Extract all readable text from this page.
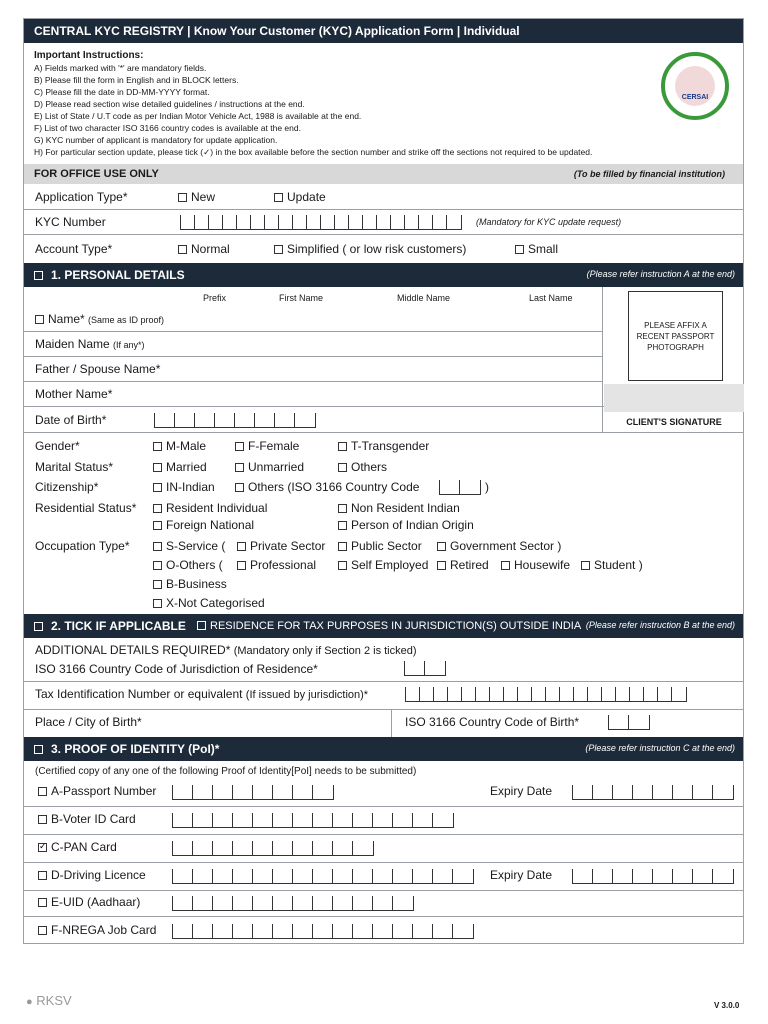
CENTRAL KYC REGISTRY | Know Your Customer (KYC) Application Form | Individual
Important Instructions:
A) Fields marked with '*' are mandatory fields.
B) Please fill the form in English and in BLOCK letters.
C) Please fill the date in DD-MM-YYYY format.
D) Please read section wise detailed guidelines / instructions at the end.
E) List of State / U.T code as per Indian Motor Vehicle Act, 1988 is available at the end.
F) List of two character ISO 3166 country codes is available at the end.
G) KYC number of applicant is mandatory for update application.
H) For particular section update, please tick (✓) in the box available before the section number and strike off the sections not required to be updated.
CERSAI
FOR OFFICE USE ONLY	(To be filled by financial institution)
Application Type*	New	Update
KYC Number	(Mandatory for KYC update request)
Account Type*	Normal	Simplified ( or low risk customers)	Small
1. PERSONAL DETAILS	(Please refer instruction A at the end)
Prefix	First Name	Middle Name	Last Name
Name* (Same as ID proof)
Maiden Name (If any*)
Father / Spouse Name*
Mother Name*
Date of Birth*
PLEASE AFFIX A RECENT PASSPORT PHOTOGRAPH
CLIENT'S SIGNATURE
Gender*	M-Male	F-Female	T-Transgender
Marital Status*	Married	Unmarried	Others
Citizenship*	IN-Indian	Others (ISO 3166 Country Code	)
Residential Status*	Resident Individual	Non Resident Indian
Foreign National	Person of Indian Origin
Occupation Type*	S-Service (	Private Sector	Public Sector	Government Sector )
O-Others (	Professional	Self Employed	Retired	Housewife	Student )
B-Business
X-Not Categorised
2. TICK IF APPLICABLE	RESIDENCE FOR TAX PURPOSES IN JURISDICTION(S) OUTSIDE INDIA (Please refer instruction B at the end)
ADDITIONAL DETAILS REQUIRED* (Mandatory only if Section 2 is ticked)
ISO 3166 Country Code of Jurisdiction of Residence*
Tax Identification Number or equivalent (If issued by jurisdiction)*
Place / City of Birth*	ISO 3166 Country Code of Birth*
3. PROOF OF IDENTITY (PoI)*	(Please refer instruction C at the end)
(Certified copy of any one of the following Proof of Identity[PoI] needs to be submitted)
A-Passport Number	Expiry Date
B-Voter ID Card
✓C-PAN Card
D-Driving Licence	Expiry Date
E-UID (Aadhaar)
F-NREGA Job Card
● RKSV	V 3.0.0
